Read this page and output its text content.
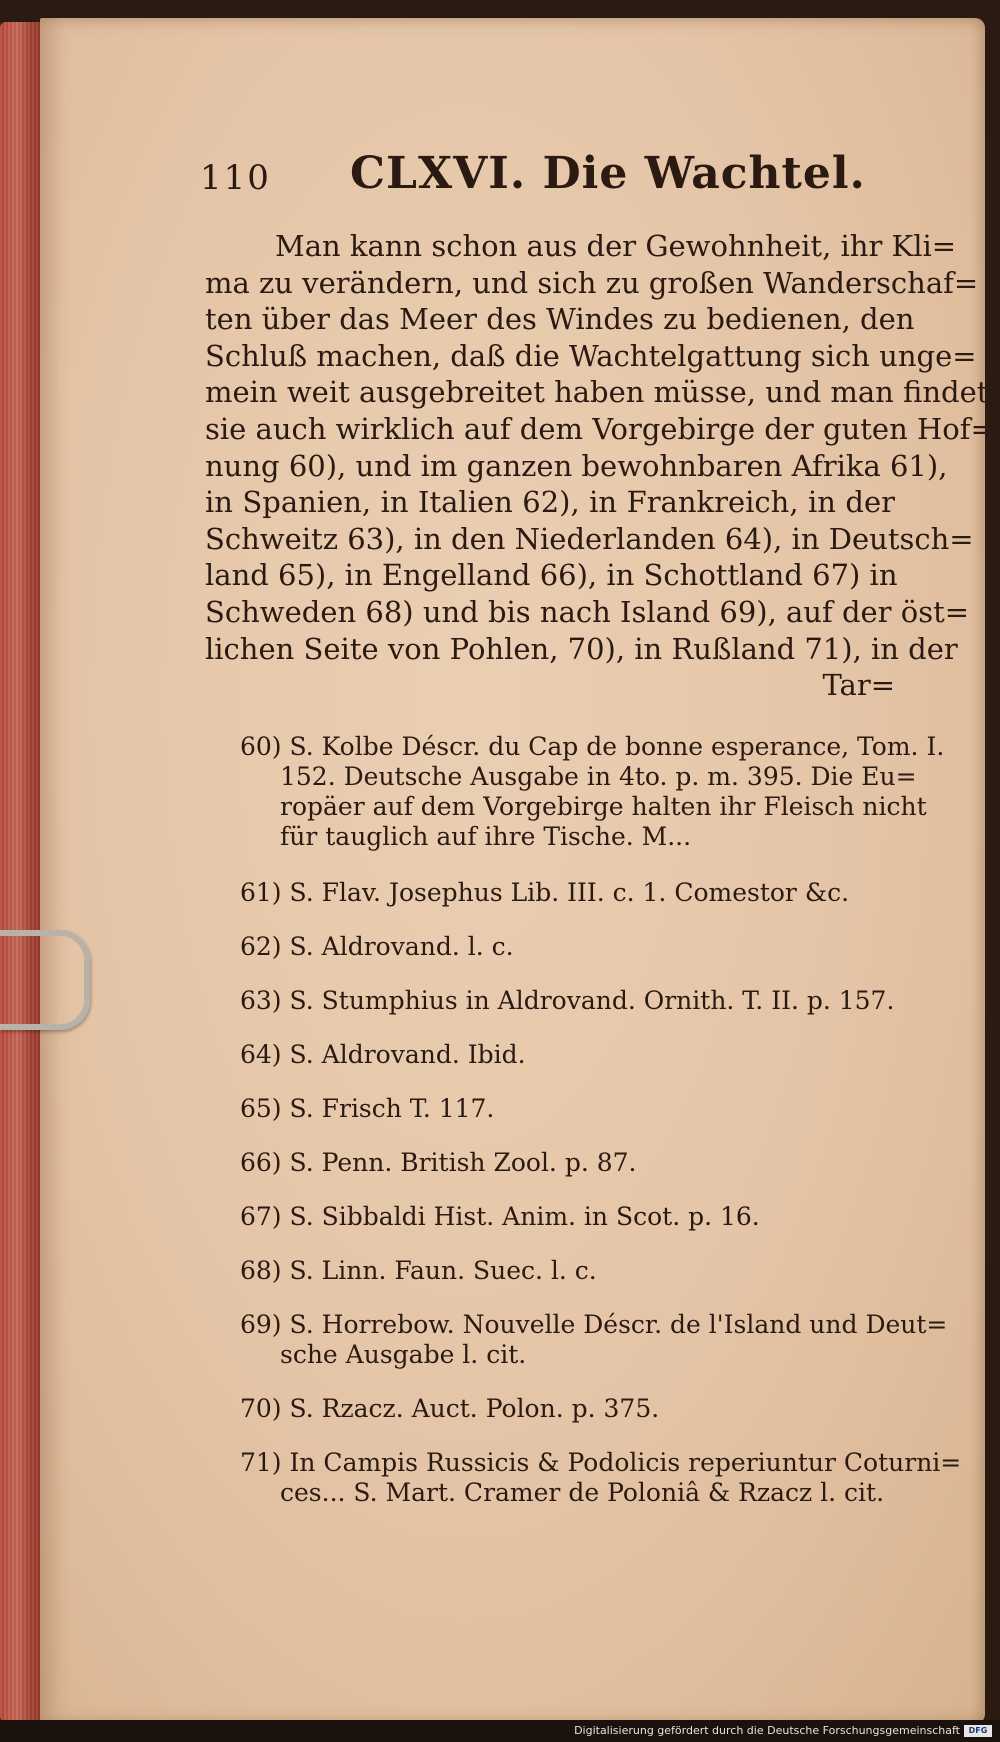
110 CLXVI. Die Wachtel.
Man kann schon aus der Gewohnheit, ihr Kli=
ma zu verändern, und sich zu großen Wanderschaf=
ten über das Meer des Windes zu bedienen, den
Schluß machen, daß die Wachtelgattung sich unge=
mein weit ausgebreitet haben müsse, und man findet
sie auch wirklich auf dem Vorgebirge der guten Hof=
nung 60), und im ganzen bewohnbaren Afrika 61),
in Spanien, in Italien 62), in Frankreich, in der
Schweitz 63), in den Niederlanden 64), in Deutsch=
land 65), in Engelland 66), in Schottland 67) in
Schweden 68) und bis nach Island 69), auf der öst=
lichen Seite von Pohlen, 70), in Rußland 71), in der
Tar=
60) S. Kolbe Déscr. du Cap de bonne esperance, Tom. I.
152. Deutsche Ausgabe in 4to. p. m. 395. Die Eu=
ropäer auf dem Vorgebirge halten ihr Fleisch nicht
für tauglich auf ihre Tische. M...
61) S. Flav. Josephus Lib. III. c. 1. Comestor &c.
62) S. Aldrovand. l. c.
63) S. Stumphius in Aldrovand. Ornith. T. II. p. 157.
64) S. Aldrovand. Ibid.
65) S. Frisch T. 117.
66) S. Penn. British Zool. p. 87.
67) S. Sibbaldi Hist. Anim. in Scot. p. 16.
68) S. Linn. Faun. Suec. l. c.
69) S. Horrebow. Nouvelle Déscr. de l'Island und Deut=
sche Ausgabe l. cit.
70) S. Rzacz. Auct. Polon. p. 375.
71) In Campis Russicis & Podolicis reperiuntur Coturni=
ces... S. Mart. Cramer de Poloniâ & Rzacz l. cit.
Digitalisierung gefördert durch die Deutsche Forschungsgemeinschaft	DFG
